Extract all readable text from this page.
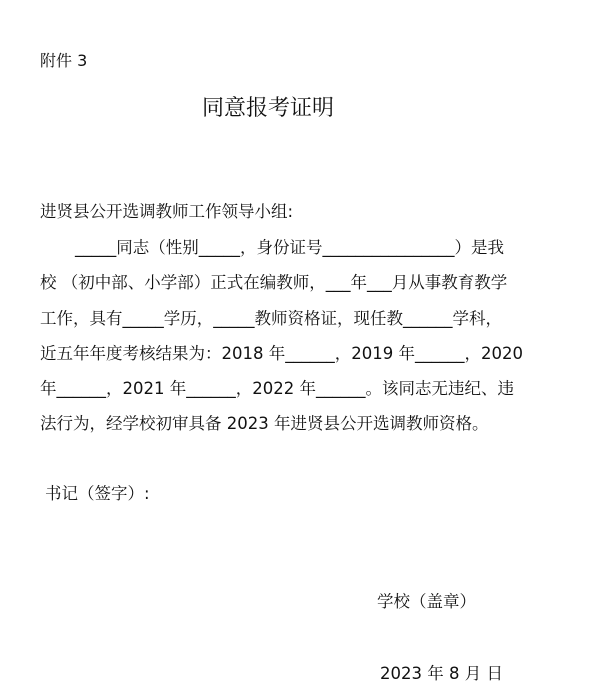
附件 3
同意报考证明
进贤县公开选调教师工作领导小组:
_____同志（性别_____，身份证号________________）是我
校 （初中部、小学部）正式在编教师，___年___月从事教育教学
工作，具有_____学历，_____教师资格证，现任教______学科，
近五年年度考核结果为：2018 年______，2019 年______，2020
年______，2021 年______，2022 年______。该同志无违纪、违
法行为，经学校初审具备 2023 年进贤县公开选调教师资格。
书记（签字）:
学校（盖章）
2023 年 8 月 日
